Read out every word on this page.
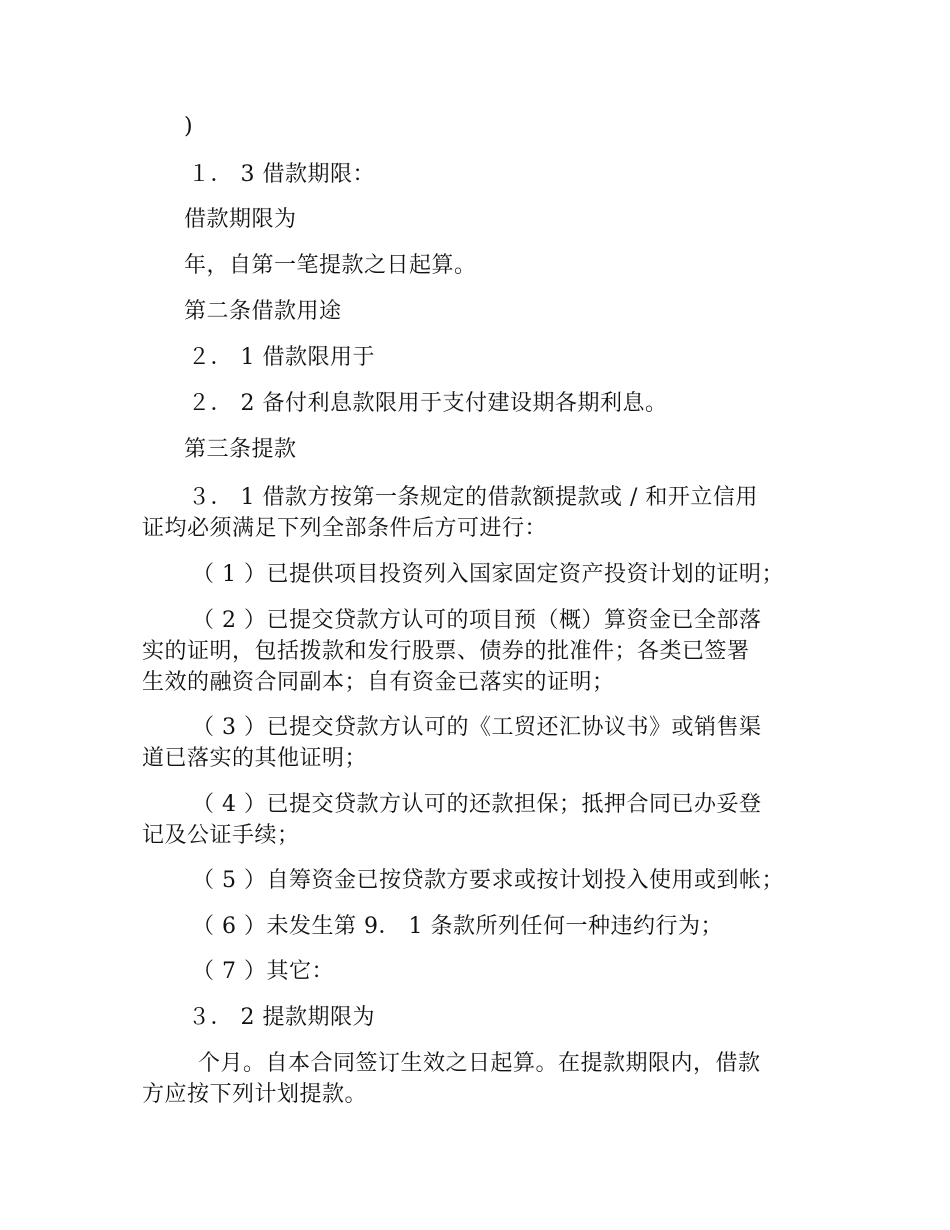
)
１． 3 借款期限：
借款期限为
年，自第一笔提款之日起算。
第二条借款用途
２． 1 借款限用于
２． 2 备付利息款限用于支付建设期各期利息。
第三条提款
３． 1 借款方按第一条规定的借款额提款或 / 和开立信用
证均必须满足下列全部条件后方可进行：
（ 1 ）已提供项目投资列入国家固定资产投资计划的证明；
（ 2 ）已提交贷款方认可的项目预（概）算资金已全部落
实的证明，包括拨款和发行股票、债券的批准件；各类已签署
生效的融资合同副本；自有资金已落实的证明；
（ 3 ）已提交贷款方认可的《工贸还汇协议书》或销售渠
道已落实的其他证明；
（ 4 ）已提交贷款方认可的还款担保；抵押合同已办妥登
记及公证手续；
（ 5 ）自筹资金已按贷款方要求或按计划投入使用或到帐；
（ 6 ）未发生第 9． 1 条款所列任何一种违约行为；
（ 7 ）其它：
３． 2 提款期限为
个月。自本合同签订生效之日起算。在提款期限内，借款
方应按下列计划提款。
